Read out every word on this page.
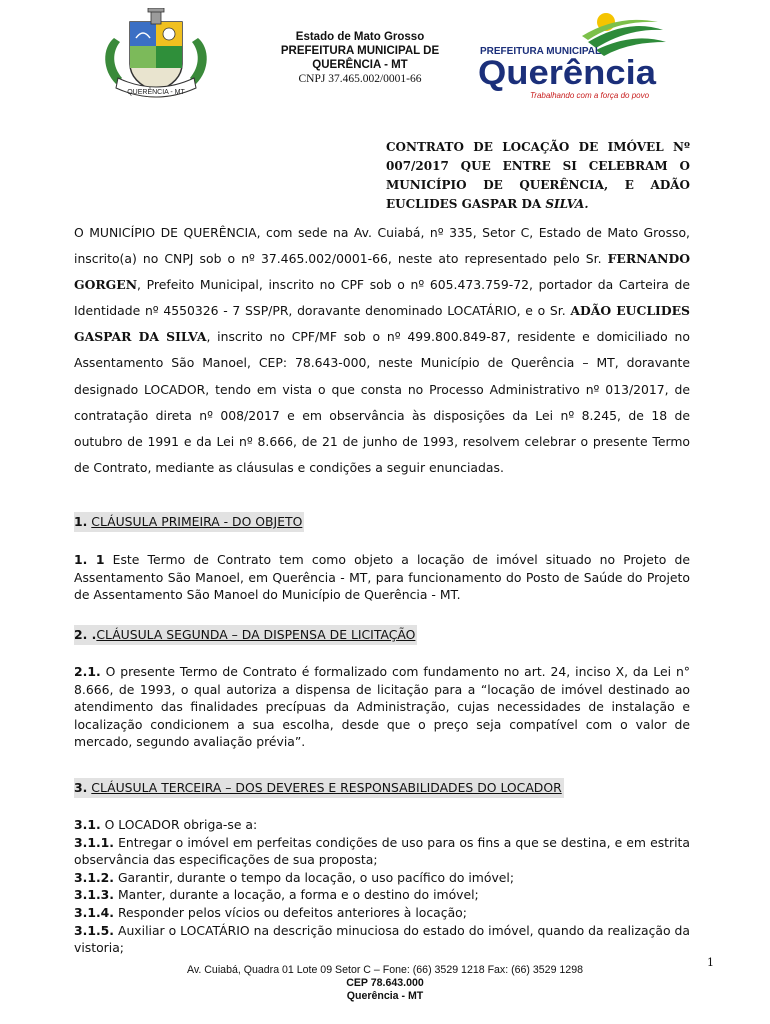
QUERÊNCIA - MT
Estado de Mato Grosso
PREFEITURA MUNICIPAL DE
QUERÊNCIA - MT
CNPJ 37.465.002/0001-66
PREFEITURA MUNICIPAL
Querência
Trabalhando com a força do povo
CONTRATO DE LOCAÇÃO DE IMÓVEL Nº 007/2017 QUE ENTRE SI CELEBRAM O MUNICÍPIO DE QUERÊNCIA, E ADÃO EUCLIDES GASPAR DA SILVA.
O MUNICÍPIO DE QUERÊNCIA, com sede na Av. Cuiabá, nº 335, Setor C, Estado de Mato Grosso, inscrito(a) no CNPJ sob o nº 37.465.002/0001-66, neste ato representado pelo Sr. FERNANDO GORGEN, Prefeito Municipal, inscrito no CPF sob o nº 605.473.759-72, portador da Carteira de Identidade nº 4550326 - 7 SSP/PR, doravante denominado LOCATÁRIO, e o Sr. ADÃO EUCLIDES GASPAR DA SILVA, inscrito no CPF/MF sob o nº 499.800.849-87, residente e domiciliado no Assentamento São Manoel, CEP: 78.643-000, neste Município de Querência – MT, doravante designado LOCADOR, tendo em vista o que consta no Processo Administrativo nº 013/2017, de contratação direta nº 008/2017 e em observância às disposições da Lei nº 8.245, de 18 de outubro de 1991 e da Lei nº 8.666, de 21 de junho de 1993, resolvem celebrar o presente Termo de Contrato, mediante as cláusulas e condições a seguir enunciadas.
1. CLÁUSULA PRIMEIRA - DO OBJETO
1. 1 Este Termo de Contrato tem como objeto a locação de imóvel situado no Projeto de Assentamento São Manoel, em Querência - MT, para funcionamento do Posto de Saúde do Projeto de Assentamento São Manoel do Município de Querência - MT.
2. .CLÁUSULA SEGUNDA – DA DISPENSA DE LICITAÇÃO
2.1. O presente Termo de Contrato é formalizado com fundamento no art. 24, inciso X, da Lei n° 8.666, de 1993, o qual autoriza a dispensa de licitação para a “locação de imóvel destinado ao atendimento das finalidades precípuas da Administração, cujas necessidades de instalação e localização condicionem a sua escolha, desde que o preço seja compatível com o valor de mercado, segundo avaliação prévia”.
3. CLÁUSULA TERCEIRA – DOS DEVERES E RESPONSABILIDADES DO LOCADOR
3.1. O LOCADOR obriga-se a:
3.1.1. Entregar o imóvel em perfeitas condições de uso para os fins a que se destina, e em estrita observância das especificações de sua proposta;
3.1.2. Garantir, durante o tempo da locação, o uso pacífico do imóvel;
3.1.3. Manter, durante a locação, a forma e o destino do imóvel;
3.1.4. Responder pelos vícios ou defeitos anteriores à locação;
3.1.5. Auxiliar o LOCATÁRIO na descrição minuciosa do estado do imóvel, quando da realização da vistoria;
1
Av. Cuiabá, Quadra 01 Lote 09 Setor C – Fone: (66) 3529 1218 Fax: (66) 3529 1298
CEP 78.643.000
Querência - MT
